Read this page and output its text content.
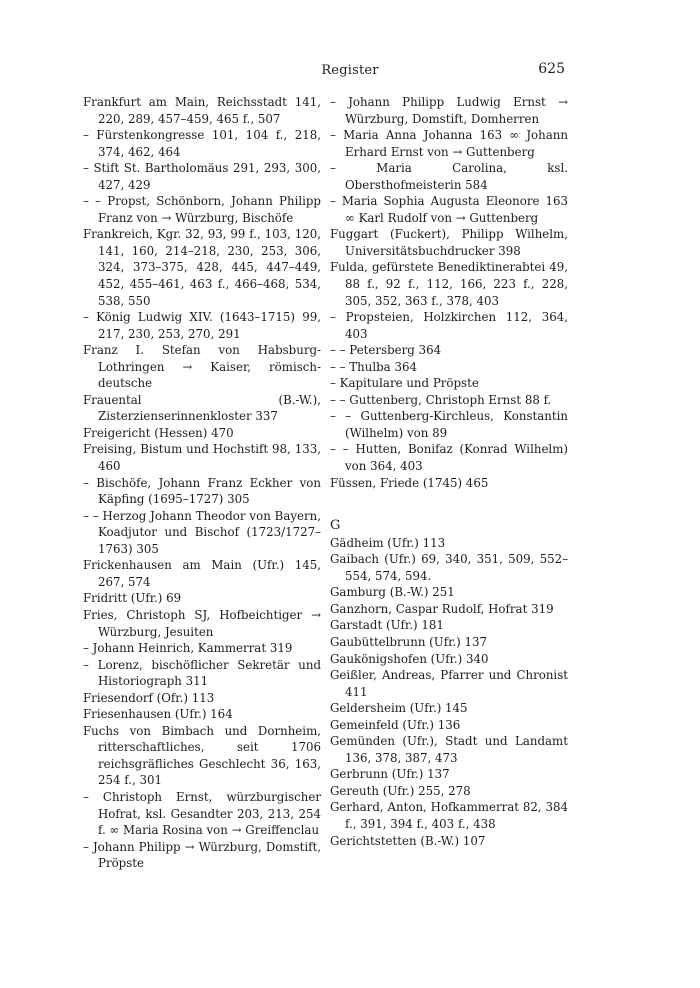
Register	625
Frankfurt am Main, Reichsstadt 141, 220, 289, 457–459, 465 f., 507
– Fürstenkongresse 101, 104 f., 218, 374, 462, 464
– Stift St. Bartholomäus 291, 293, 300, 427, 429
– – Propst, Schönborn, Johann Philipp Franz von → Würzburg, Bischöfe
Frankreich, Kgr. 32, 93, 99 f., 103, 120, 141, 160, 214–218, 230, 253, 306, 324, 373–375, 428, 445, 447–449, 452, 455–461, 463 f., 466–468, 534, 538, 550
– König Ludwig XIV. (1643–1715) 99, 217, 230, 253, 270, 291
Franz I. Stefan von Habsburg-Lothringen → Kaiser, römisch-deutsche
Frauental (B.-W.), Zisterzienserinnenkloster 337
Freigericht (Hessen) 470
Freising, Bistum und Hochstift 98, 133, 460
– Bischöfe, Johann Franz Eckher von Käpfing (1695–1727) 305
– – Herzog Johann Theodor von Bayern, Koadjutor und Bischof (1723/1727–1763) 305
Frickenhausen am Main (Ufr.) 145, 267, 574
Fridritt (Ufr.) 69
Fries, Christoph SJ, Hofbeichtiger → Würzburg, Jesuiten
– Johann Heinrich, Kammerrat 319
– Lorenz, bischöflicher Sekretär und Historiograph 311
Friesendorf (Ofr.) 113
Friesenhausen (Ufr.) 164
Fuchs von Bimbach und Dornheim, ritterschaftliches, seit 1706 reichsgräfliches Geschlecht 36, 163, 254 f., 301
– Christoph Ernst, würzburgischer Hofrat, ksl. Gesandter 203, 213, 254 f. ∞ Maria Rosina von → Greiffenclau
– Johann Philipp → Würzburg, Domstift, Pröpste
– Johann Philipp Ludwig Ernst → Würzburg, Domstift, Domherren
– Maria Anna Johanna 163 ∞ Johann Erhard Ernst von → Guttenberg
– Maria Carolina, ksl. Obersthofmeisterin 584
– Maria Sophia Augusta Eleonore 163 ∞ Karl Rudolf von → Guttenberg
Fuggart (Fuckert), Philipp Wilhelm, Universitätsbuchdrucker 398
Fulda, gefürstete Benediktinerabtei 49, 88 f., 92 f., 112, 166, 223 f., 228, 305, 352, 363 f., 378, 403
– Propsteien, Holzkirchen 112, 364, 403
– – Petersberg 364
– – Thulba 364
– Kapitulare und Pröpste
– – Guttenberg, Christoph Ernst 88 f.
– – Guttenberg-Kirchleus, Konstantin (Wilhelm) von 89
– – Hutten, Bonifaz (Konrad Wilhelm) von 364, 403
Füssen, Friede (1745) 465
G
Gädheim (Ufr.) 113
Gaibach (Ufr.) 69, 340, 351, 509, 552–554, 574, 594.
Gamburg (B.-W.) 251
Ganzhorn, Caspar Rudolf, Hofrat 319
Garstadt (Ufr.) 181
Gaubüttelbrunn (Ufr.) 137
Gaukönigshofen (Ufr.) 340
Geißler, Andreas, Pfarrer und Chronist 411
Geldersheim (Ufr.) 145
Gemeinfeld (Ufr.) 136
Gemünden (Ufr.), Stadt und Landamt 136, 378, 387, 473
Gerbrunn (Ufr.) 137
Gereuth (Ufr.) 255, 278
Gerhard, Anton, Hofkammerrat 82, 384 f., 391, 394 f., 403 f., 438
Gerichtstetten (B.-W.) 107
